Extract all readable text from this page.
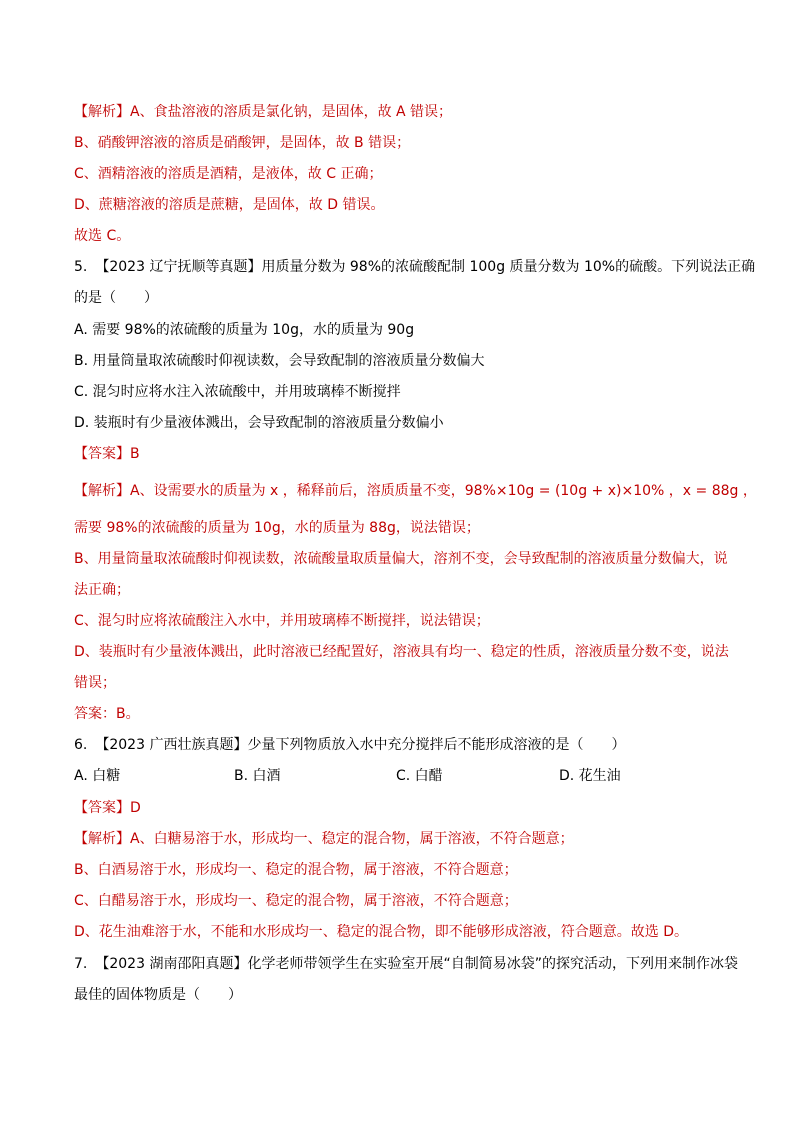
【解析】A、食盐溶液的溶质是氯化钠，是固体，故 A 错误；
B、硝酸钾溶液的溶质是硝酸钾，是固体，故 B 错误；
C、酒精溶液的溶质是酒精，是液体，故 C 正确；
D、蔗糖溶液的溶质是蔗糖，是固体，故 D 错误。
故选 C。
5. 【2023 辽宁抚顺等真题】用质量分数为 98%的浓硫酸配制 100g 质量分数为 10%的硫酸。下列说法正确
的是（　　）
A. 需要 98%的浓硫酸的质量为 10g，水的质量为 90g
B. 用量筒量取浓硫酸时仰视读数，会导致配制的溶液质量分数偏大
C. 混匀时应将水注入浓硫酸中，并用玻璃棒不断搅拌
D. 装瓶时有少量液体溅出，会导致配制的溶液质量分数偏小
【答案】B
【解析】A、设需要水的质量为 x ，稀释前后，溶质质量不变，98%×10g = (10g + x)×10% ，x = 88g ，
需要 98%的浓硫酸的质量为 10g，水的质量为 88g，说法错误；
B、用量筒量取浓硫酸时仰视读数，浓硫酸量取质量偏大，溶剂不变，会导致配制的溶液质量分数偏大，说
法正确；
C、混匀时应将浓硫酸注入水中，并用玻璃棒不断搅拌，说法错误；
D、装瓶时有少量液体溅出，此时溶液已经配置好，溶液具有均一、稳定的性质，溶液质量分数不变，说法
错误；
答案：B。
6. 【2023 广西壮族真题】少量下列物质放入水中充分搅拌后不能形成溶液的是（　　）
A. 白糖	B. 白酒	C. 白醋	D. 花生油
【答案】D
【解析】A、白糖易溶于水，形成均一、稳定的混合物，属于溶液，不符合题意；
B、白酒易溶于水，形成均一、稳定的混合物，属于溶液，不符合题意；
C、白醋易溶于水，形成均一、稳定的混合物，属于溶液，不符合题意；
D、花生油难溶于水，不能和水形成均一、稳定的混合物，即不能够形成溶液，符合题意。故选 D。
7. 【2023 湖南邵阳真题】化学老师带领学生在实验室开展“自制简易冰袋”的探究活动，下列用来制作冰袋
最佳的固体物质是（　　）
